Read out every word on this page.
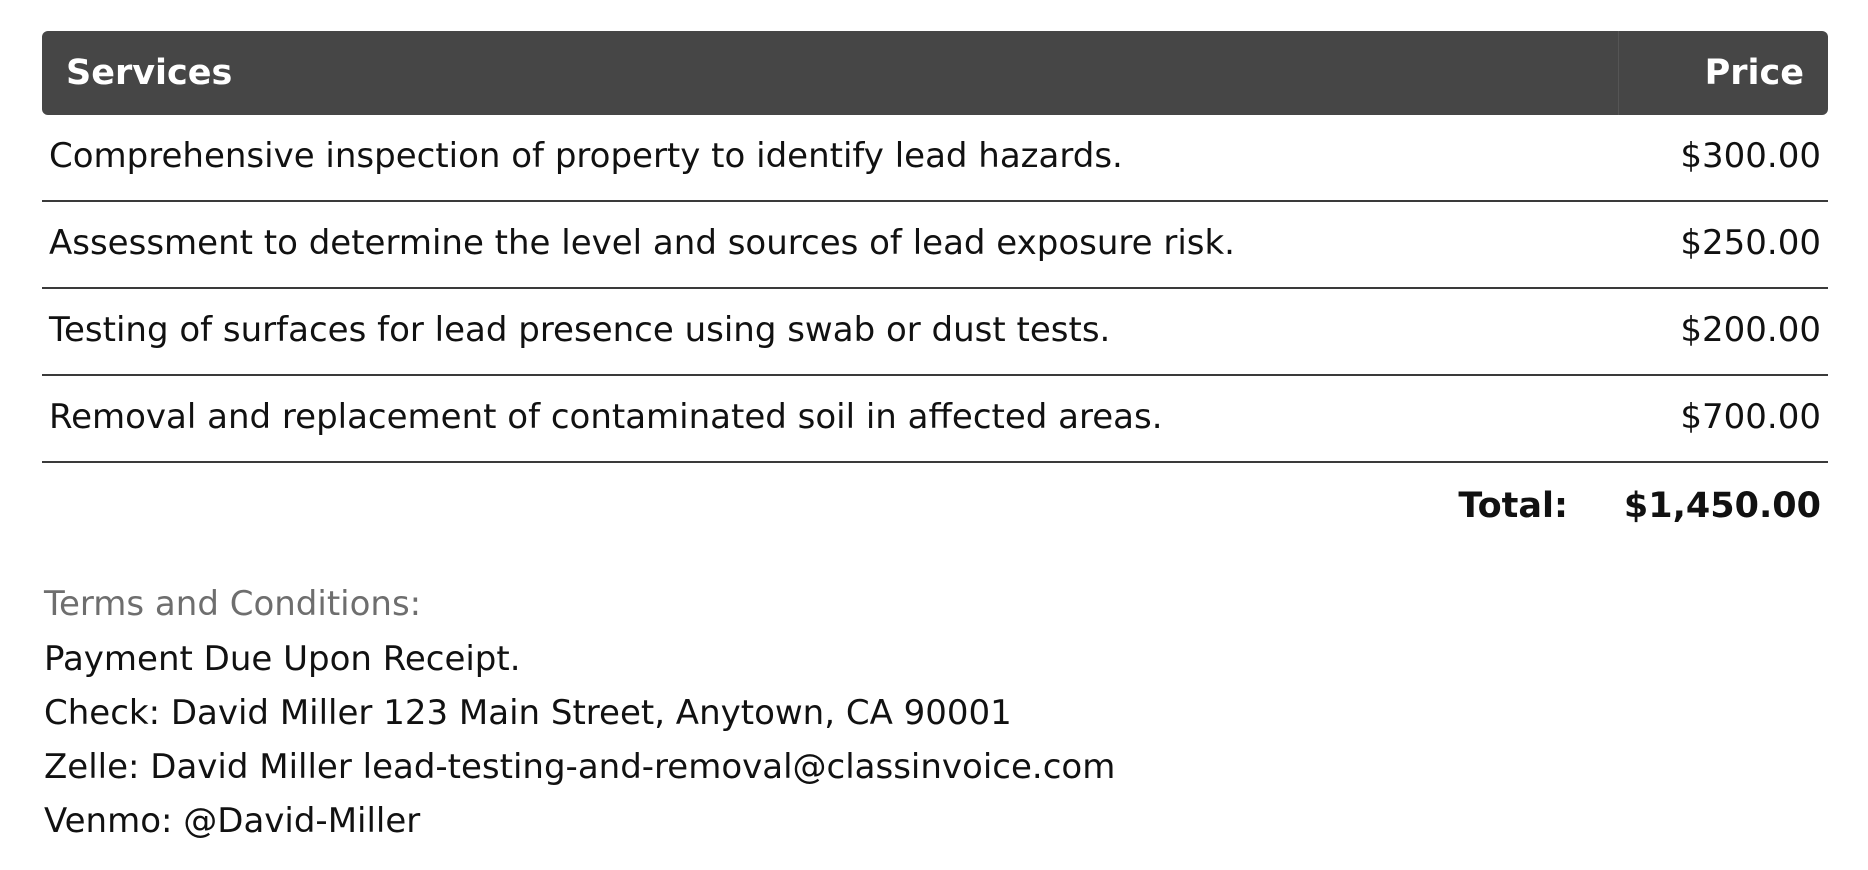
Services	Price
Comprehensive inspection of property to identify lead hazards.	$300.00
Assessment to determine the level and sources of lead exposure risk.	$250.00
Testing of surfaces for lead presence using swab or dust tests.	$200.00
Removal and replacement of contaminated soil in affected areas.	$700.00
Total: $1,450.00
Terms and Conditions:
Payment Due Upon Receipt.
Check: David Miller 123 Main Street, Anytown, CA 90001
Zelle: David Miller lead-testing-and-removal@classinvoice.com
Venmo: @David-Miller
